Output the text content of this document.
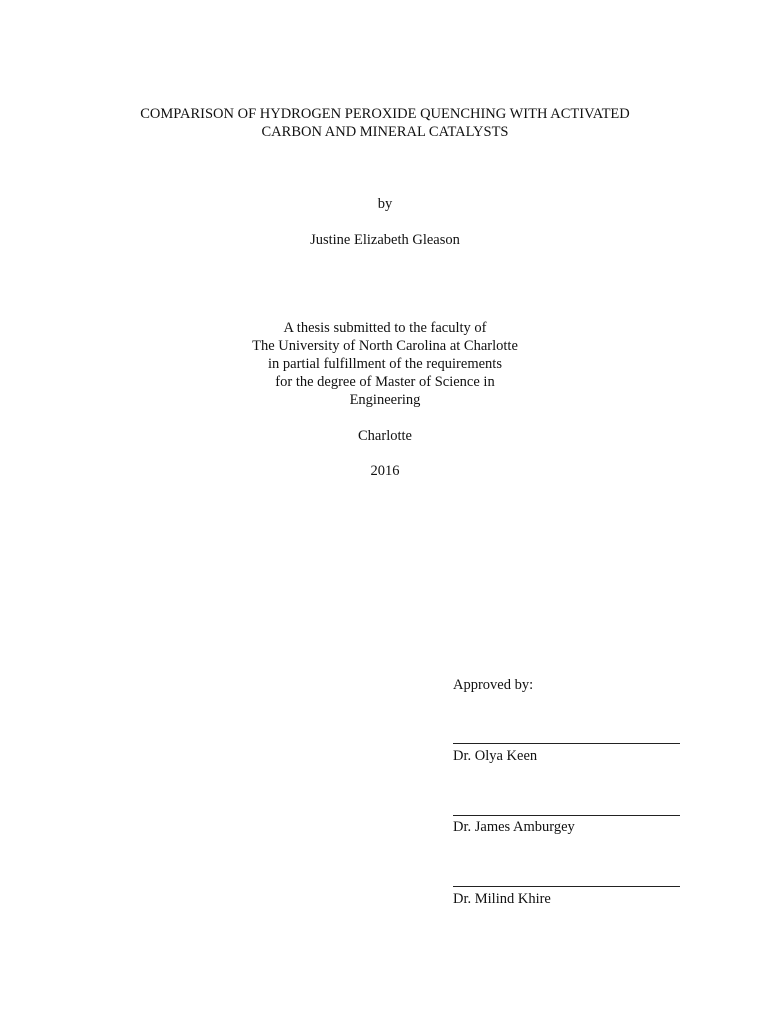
COMPARISON OF HYDROGEN PEROXIDE QUENCHING WITH ACTIVATED
CARBON AND MINERAL CATALYSTS
by
Justine Elizabeth Gleason
A thesis submitted to the faculty of
The University of North Carolina at Charlotte
in partial fulfillment of the requirements
for the degree of Master of Science in
Engineering
Charlotte
2016
Approved by:
Dr. Olya Keen
Dr. James Amburgey
Dr. Milind Khire
